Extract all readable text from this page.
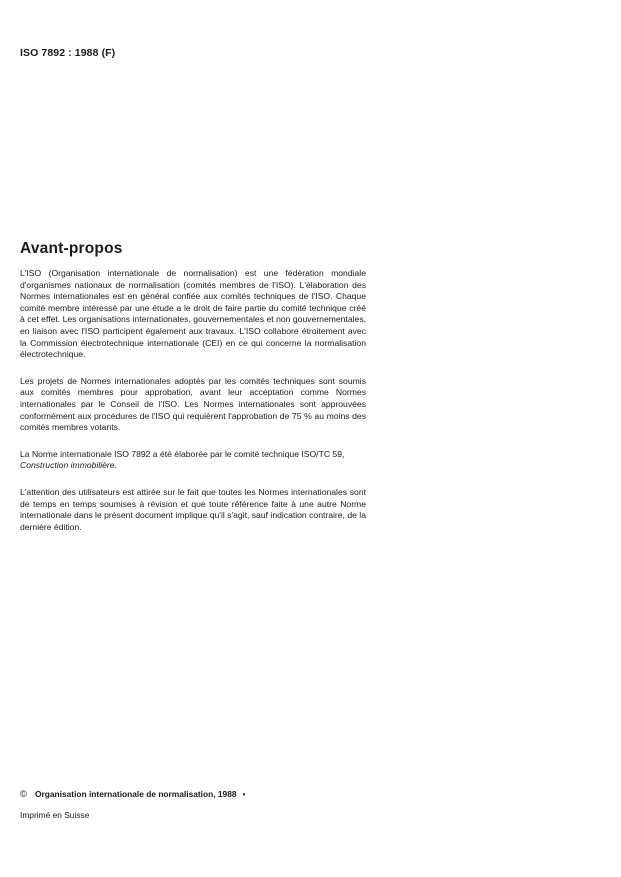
ISO 7892 : 1988 (F)
Avant-propos

L'ISO (Organisation internationale de normalisation) est une fédération mondiale d'organismes nationaux de normalisation (comités membres de l'ISO). L'élaboration des Normes internationales est en général confiée aux comités techniques de l'ISO. Chaque comité membre intéressé par une étude a le droit de faire partie du comité technique créé à cet effet. Les organisations internationales, gouvernementales et non gouvernementales, en liaison avec l'ISO participent également aux travaux. L'ISO collabore étroitement avec la Commission électrotechnique internationale (CEI) en ce qui concerne la normalisation électrotechnique.

Les projets de Normes internationales adoptés par les comités techniques sont soumis aux comités membres pour approbation, avant leur acceptation comme Normes internationales par le Conseil de l'ISO. Les Normes internationales sont approuvées conformément aux procédures de l'ISO qui requièrent l'approbation de 75 % au moins des comités membres votants.

La Norme internationale ISO 7892 a été élaborée par le comité technique ISO/TC 59,
Construction immobilière.

L'attention des utilisateurs est attirée sur le fait que toutes les Normes internationales sont de temps en temps soumises à révision et que toute référence faite à une autre Norme internationale dans le présent document implique qu'il s'agit, sauf indication contraire, de la dernière édition.

© Organisation internationale de normalisation, 1988 •
Imprimé en Suisse
